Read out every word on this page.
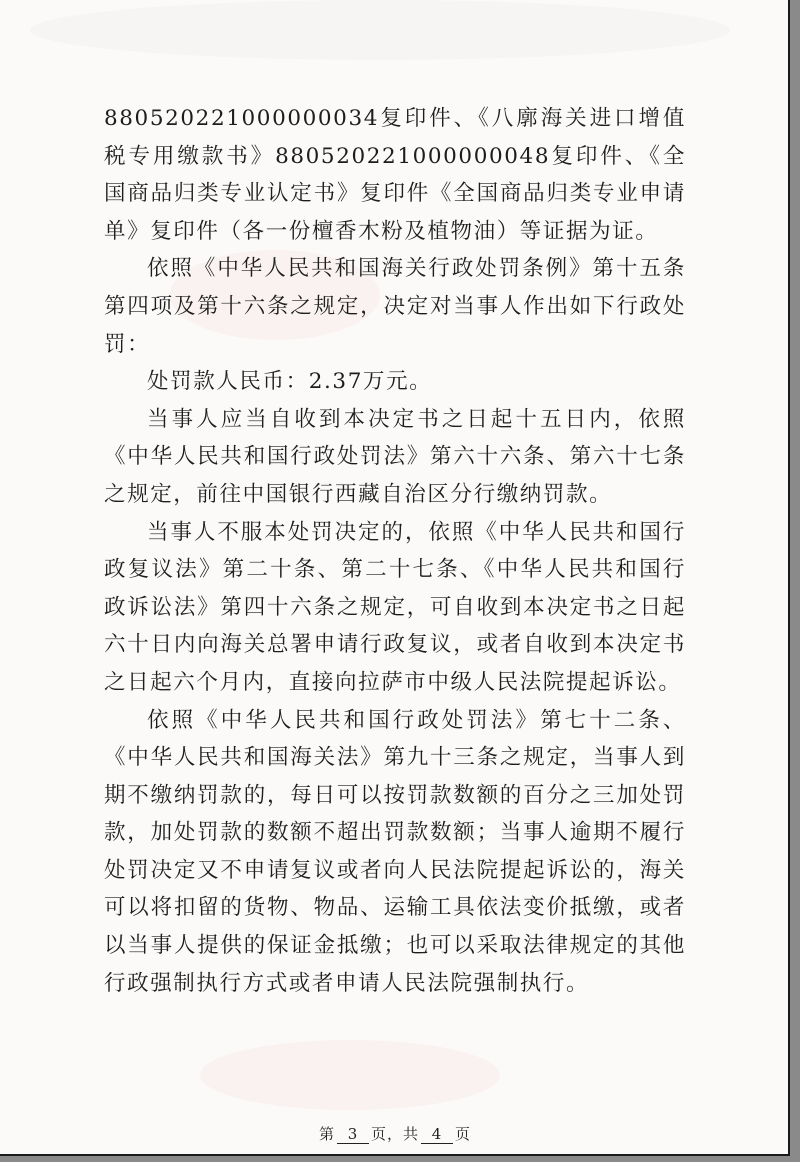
880520221000000034复印件、《八廓海关进口增值税专用缴款书》880520221000000048复印件、《全国商品归类专业认定书》复印件《全国商品归类专业申请单》复印件（各一份檀香木粉及植物油）等证据为证。

依照《中华人民共和国海关行政处罚条例》第十五条第四项及第十六条之规定，决定对当事人作出如下行政处罚：

处罚款人民币：2.37万元。

当事人应当自收到本决定书之日起十五日内，依照《中华人民共和国行政处罚法》第六十六条、第六十七条之规定，前往中国银行西藏自治区分行缴纳罚款。

当事人不服本处罚决定的，依照《中华人民共和国行政复议法》第二十条、第二十七条、《中华人民共和国行政诉讼法》第四十六条之规定，可自收到本决定书之日起六十日内向海关总署申请行政复议，或者自收到本决定书之日起六个月内，直接向拉萨市中级人民法院提起诉讼。

依照《中华人民共和国行政处罚法》第七十二条、《中华人民共和国海关法》第九十三条之规定，当事人到期不缴纳罚款的，每日可以按罚款数额的百分之三加处罚款，加处罚款的数额不超出罚款数额；当事人逾期不履行处罚决定又不申请复议或者向人民法院提起诉讼的，海关可以将扣留的货物、物品、运输工具依法变价抵缴，或者以当事人提供的保证金抵缴；也可以采取法律规定的其他行政强制执行方式或者申请人民法院强制执行。

第 3 页，共 4 页
